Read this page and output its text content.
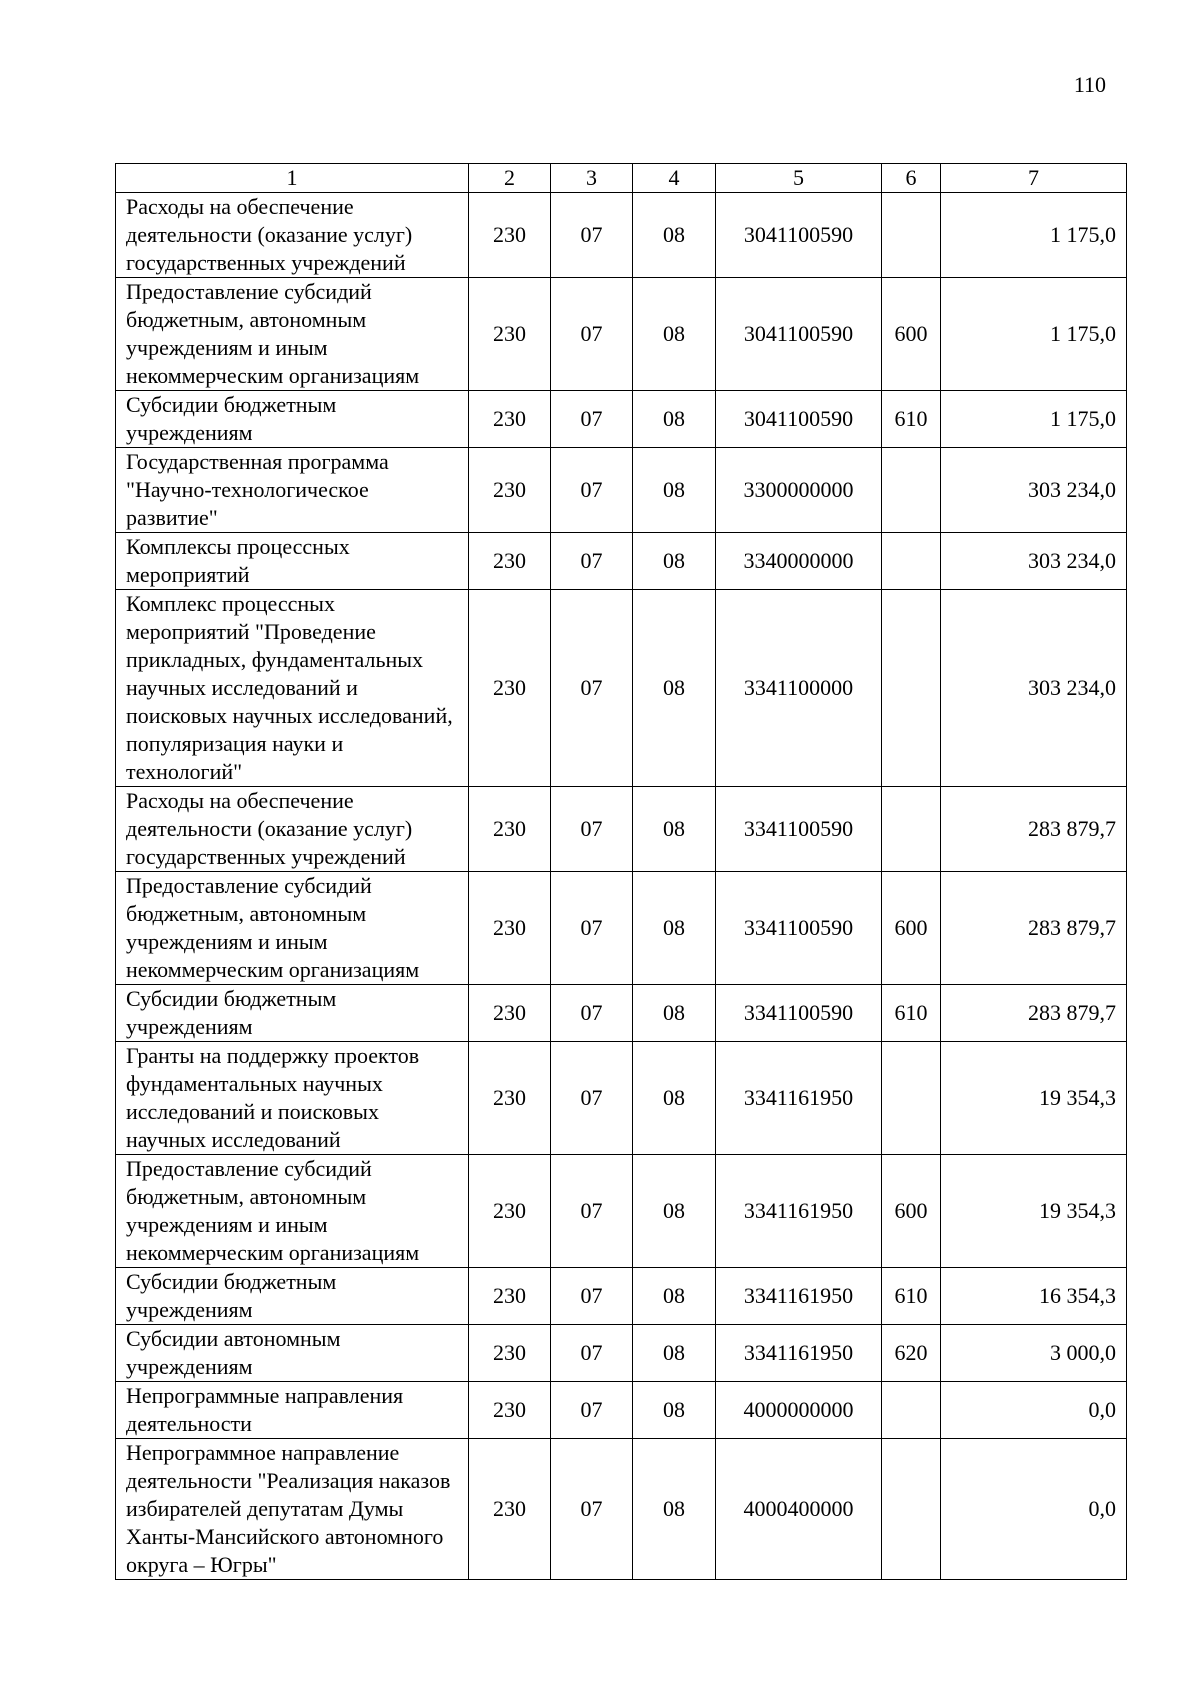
110
1	2	3	4	5	6	7
Расходы на обеспечение деятельности (оказание услуг) государственных учреждений	230	07	08	3041100590		1 175,0
Предоставление субсидий бюджетным, автономным учреждениям и иным некоммерческим организациям	230	07	08	3041100590	600	1 175,0
Субсидии бюджетным учреждениям	230	07	08	3041100590	610	1 175,0
Государственная программа "Научно-технологическое развитие"	230	07	08	3300000000		303 234,0
Комплексы процессных мероприятий	230	07	08	3340000000		303 234,0
Комплекс процессных мероприятий "Проведение прикладных, фундаментальных научных исследований и поисковых научных исследований, популяризация науки и технологий"	230	07	08	3341100000		303 234,0
Расходы на обеспечение деятельности (оказание услуг) государственных учреждений	230	07	08	3341100590		283 879,7
Предоставление субсидий бюджетным, автономным учреждениям и иным некоммерческим организациям	230	07	08	3341100590	600	283 879,7
Субсидии бюджетным учреждениям	230	07	08	3341100590	610	283 879,7
Гранты на поддержку проектов фундаментальных научных исследований и поисковых научных исследований	230	07	08	3341161950		19 354,3
Предоставление субсидий бюджетным, автономным учреждениям и иным некоммерческим организациям	230	07	08	3341161950	600	19 354,3
Субсидии бюджетным учреждениям	230	07	08	3341161950	610	16 354,3
Субсидии автономным учреждениям	230	07	08	3341161950	620	3 000,0
Непрограммные направления деятельности	230	07	08	4000000000		0,0
Непрограммное направление деятельности "Реализация наказов избирателей депутатам Думы Ханты-Мансийского автономного округа – Югры"	230	07	08	4000400000		0,0
